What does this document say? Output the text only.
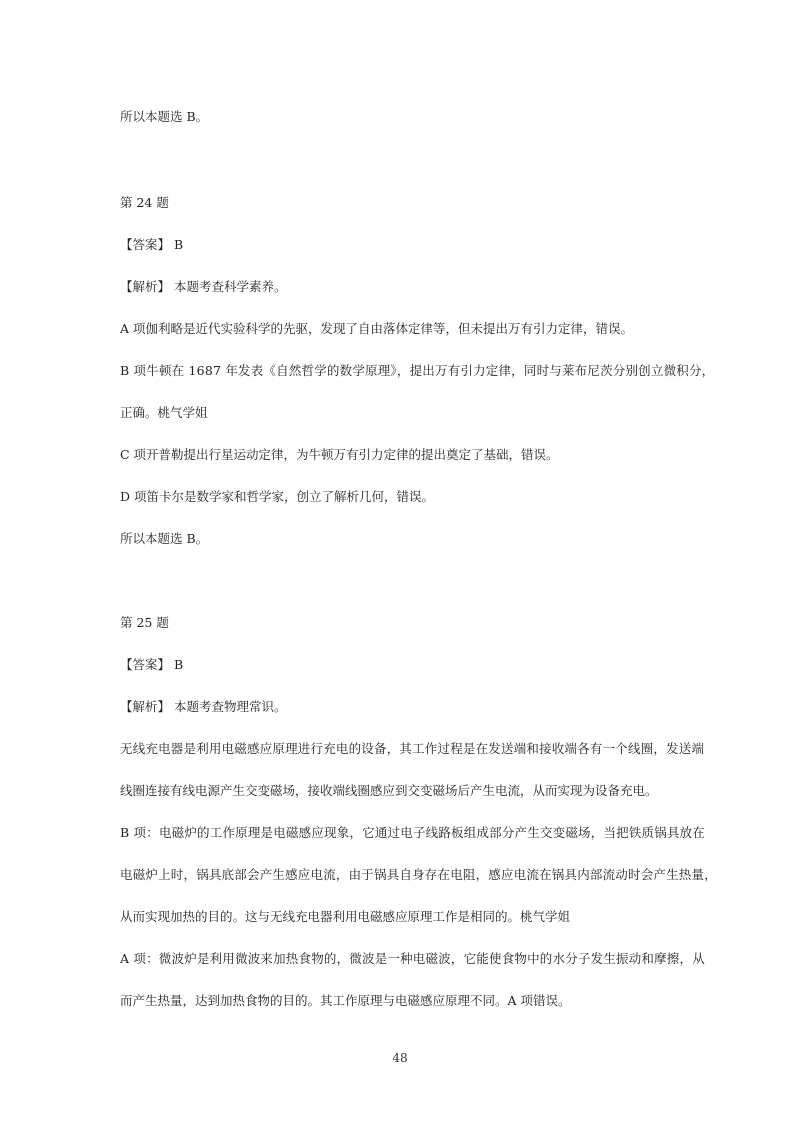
所以本题选 B。
第 24 题
【答案】 B
【解析】 本题考查科学素养。
A 项伽利略是近代实验科学的先驱，发现了自由落体定律等，但未提出万有引力定律，错误。
B 项牛顿在 1687 年发表《自然哲学的数学原理》，提出万有引力定律，同时与莱布尼茨分别创立微积分，
正确。桃气学姐
C 项开普勒提出行星运动定律，为牛顿万有引力定律的提出奠定了基础，错误。
D 项笛卡尔是数学家和哲学家，创立了解析几何，错误。
所以本题选 B。
第 25 题
【答案】 B
【解析】 本题考查物理常识。
无线充电器是利用电磁感应原理进行充电的设备，其工作过程是在发送端和接收端各有一个线圈，发送端
线圈连接有线电源产生交变磁场，接收端线圈感应到交变磁场后产生电流，从而实现为设备充电。
B 项：电磁炉的工作原理是电磁感应现象，它通过电子线路板组成部分产生交变磁场，当把铁质锅具放在
电磁炉上时，锅具底部会产生感应电流，由于锅具自身存在电阻，感应电流在锅具内部流动时会产生热量，
从而实现加热的目的。这与无线充电器利用电磁感应原理工作是相同的。桃气学姐
A 项：微波炉是利用微波来加热食物的，微波是一种电磁波，它能使食物中的水分子发生振动和摩擦，从
而产生热量，达到加热食物的目的。其工作原理与电磁感应原理不同。A 项错误。
48
